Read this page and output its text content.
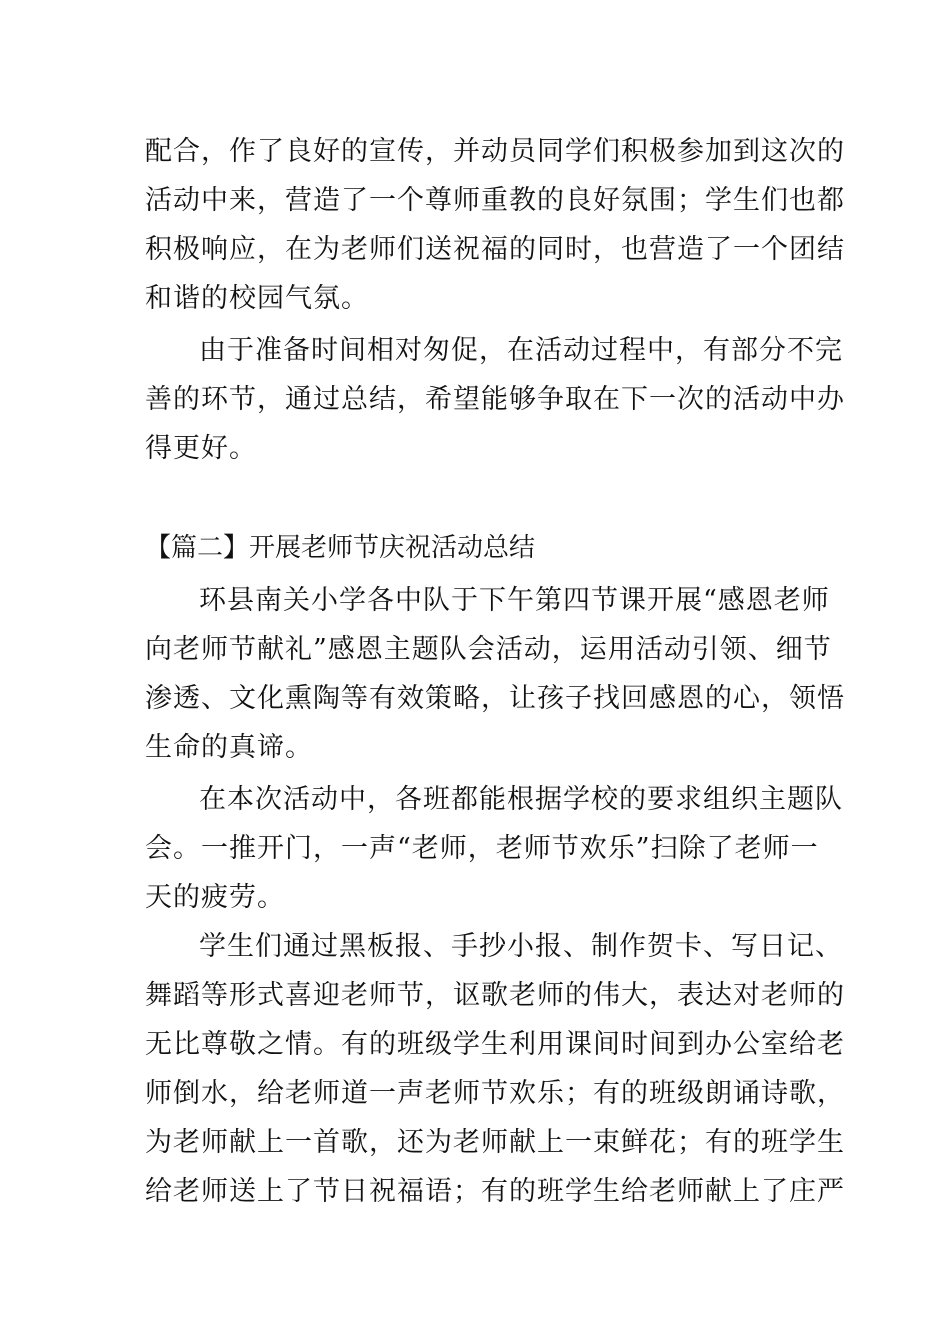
配合，作了良好的宣传，并动员同学们积极参加到这次的
活动中来，营造了一个尊师重教的良好氛围；学生们也都
积极响应，在为老师们送祝福的同时，也营造了一个团结
和谐的校园气氛。
由于准备时间相对匆促，在活动过程中，有部分不完
善的环节，通过总结，希望能够争取在下一次的活动中办
得更好。
【篇二】开展老师节庆祝活动总结
环县南关小学各中队于下午第四节课开展“感恩老师
向老师节献礼”感恩主题队会活动，运用活动引领、细节
渗透、文化熏陶等有效策略，让孩子找回感恩的心，领悟
生命的真谛。
在本次活动中，各班都能根据学校的要求组织主题队
会。一推开门，一声“老师，老师节欢乐”扫除了老师一
天的疲劳。
学生们通过黑板报、手抄小报、制作贺卡、写日记、
舞蹈等形式喜迎老师节，讴歌老师的伟大，表达对老师的
无比尊敬之情。有的班级学生利用课间时间到办公室给老
师倒水，给老师道一声老师节欢乐；有的班级朗诵诗歌，
为老师献上一首歌，还为老师献上一束鲜花；有的班学生
给老师送上了节日祝福语；有的班学生给老师献上了庄严
